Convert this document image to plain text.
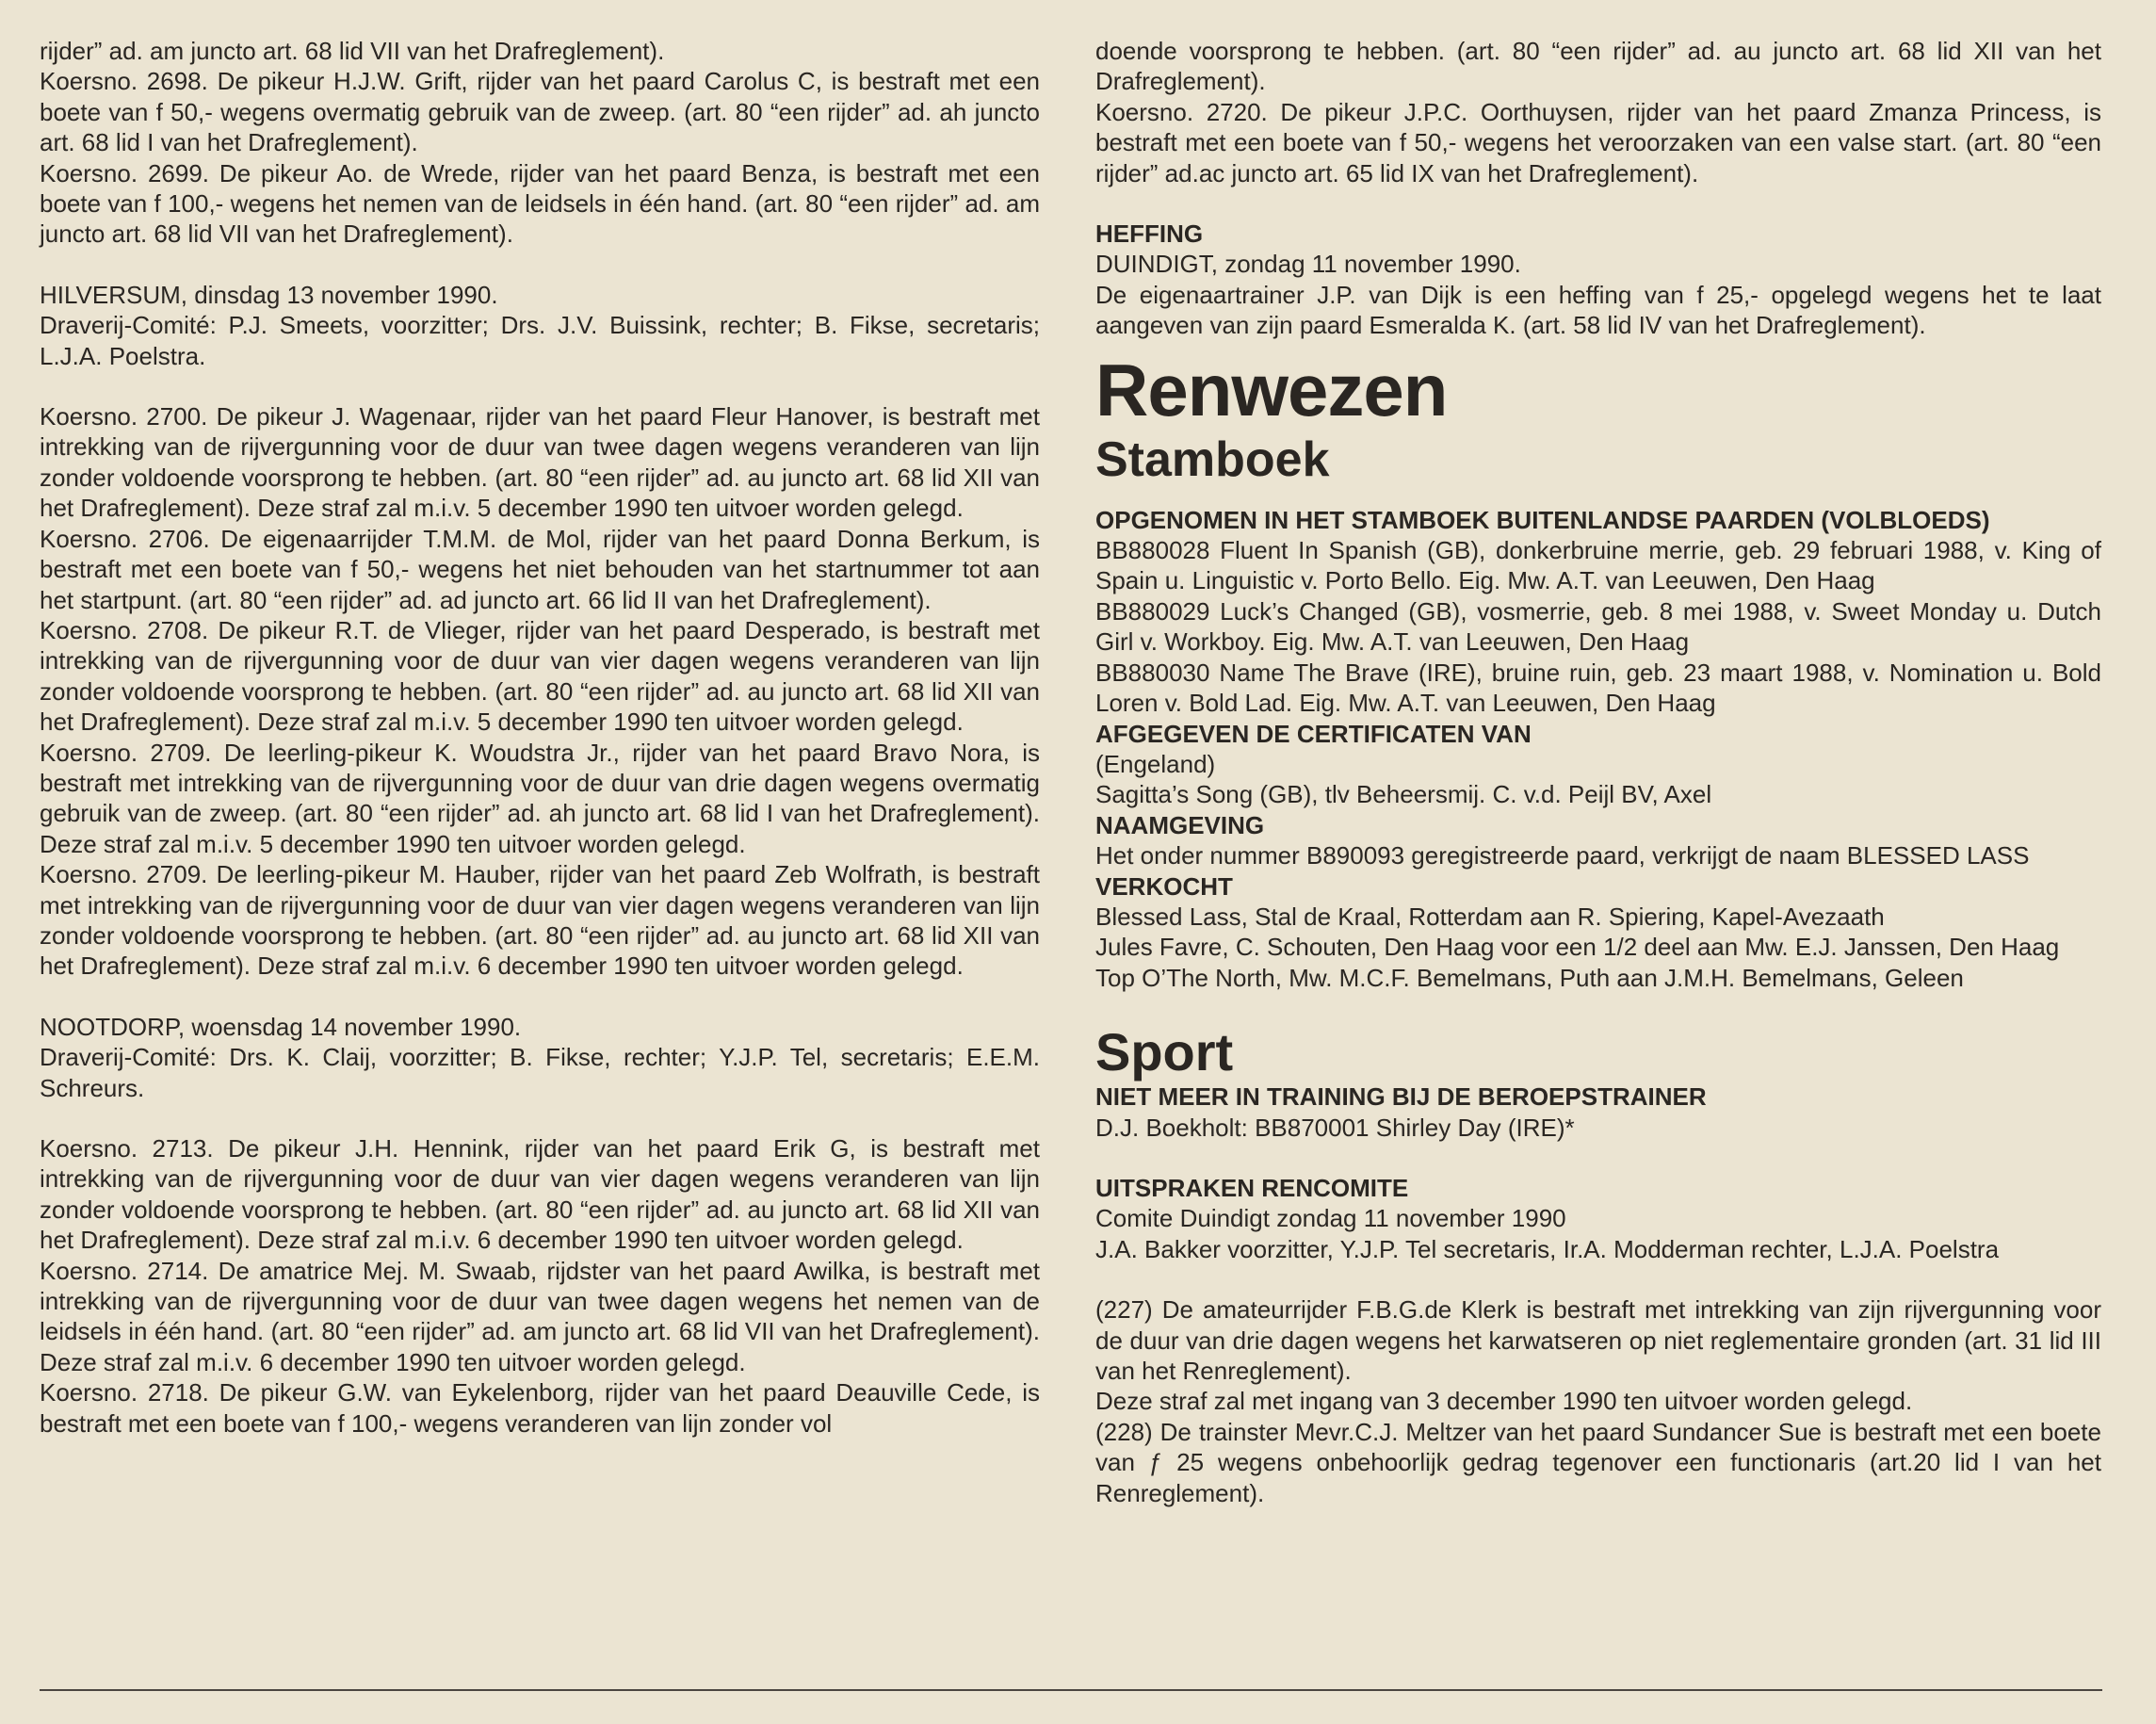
rijder” ad. am juncto art. 68 lid VII van het Drafreglement).

Koersno. 2698. De pikeur H.J.W. Grift, rijder van het paard Carolus C, is bestraft met een boete van f 50,- wegens overmatig gebruik van de zweep. (art. 80 “een rijder” ad. ah juncto art. 68 lid I van het Drafreglement).

Koersno. 2699. De pikeur Ao. de Wrede, rijder van het paard Benza, is bestraft met een boete van f 100,- wegens het nemen van de leidsels in één hand. (art. 80 “een rijder” ad. am juncto art. 68 lid VII van het Drafreglement).

HILVERSUM, dinsdag 13 november 1990.

Draverij-Comité: P.J. Smeets, voorzitter; Drs. J.V. Buissink, rechter; B. Fikse, secretaris; L.J.A. Poelstra.

Koersno. 2700. De pikeur J. Wagenaar, rijder van het paard Fleur Hanover, is bestraft met intrekking van de rijvergunning voor de duur van twee dagen wegens veranderen van lijn zonder voldoende voorsprong te hebben. (art. 80 “een rijder” ad. au juncto art. 68 lid XII van het Drafreglement). Deze straf zal m.i.v. 5 december 1990 ten uitvoer worden gelegd.

Koersno. 2706. De eigenaarrijder T.M.M. de Mol, rijder van het paard Donna Berkum, is bestraft met een boete van f 50,- wegens het niet behouden van het startnummer tot aan het startpunt. (art. 80 “een rijder” ad. ad juncto art. 66 lid II van het Drafreglement).

Koersno. 2708. De pikeur R.T. de Vlieger, rijder van het paard Desperado, is bestraft met intrekking van de rijvergunning voor de duur van vier dagen wegens veranderen van lijn zonder voldoende voorsprong te hebben. (art. 80 “een rijder” ad. au juncto art. 68 lid XII van het Drafreglement). Deze straf zal m.i.v. 5 december 1990 ten uitvoer worden gelegd.

Koersno. 2709. De leerling-pikeur K. Woudstra Jr., rijder van het paard Bravo Nora, is bestraft met intrekking van de rijvergunning voor de duur van drie dagen wegens overmatig gebruik van de zweep. (art. 80 “een rijder” ad. ah juncto art. 68 lid I van het Drafreglement). Deze straf zal m.i.v. 5 december 1990 ten uitvoer worden gelegd.

Koersno. 2709. De leerling-pikeur M. Hauber, rijder van het paard Zeb Wolfrath, is bestraft met intrekking van de rijvergunning voor de duur van vier dagen wegens veranderen van lijn zonder voldoende voorsprong te hebben. (art. 80 “een rijder” ad. au juncto art. 68 lid XII van het Drafreglement). Deze straf zal m.i.v. 6 december 1990 ten uitvoer worden gelegd.

NOOTDORP, woensdag 14 november 1990.

Draverij-Comité: Drs. K. Claij, voorzitter; B. Fikse, rechter; Y.J.P. Tel, secretaris; E.E.M. Schreurs.

Koersno. 2713. De pikeur J.H. Hennink, rijder van het paard Erik G, is bestraft met intrekking van de rijvergunning voor de duur van vier dagen wegens veranderen van lijn zonder voldoende voorsprong te hebben. (art. 80 “een rijder” ad. au juncto art. 68 lid XII van het Drafreglement). Deze straf zal m.i.v. 6 december 1990 ten uitvoer worden gelegd.

Koersno. 2714. De amatrice Mej. M. Swaab, rijdster van het paard Awilka, is bestraft met intrekking van de rijvergunning voor de duur van twee dagen wegens het nemen van de leidsels in één hand. (art. 80 “een rijder” ad. am juncto art. 68 lid VII van het Drafreglement). Deze straf zal m.i.v. 6 december 1990 ten uitvoer worden gelegd.

Koersno. 2718. De pikeur G.W. van Eykelenborg, rijder van het paard Deauville Cede, is bestraft met een boete van f 100,- wegens veranderen van lijn zonder vol

doende voorsprong te hebben. (art. 80 “een rijder” ad. au juncto art. 68 lid XII van het Drafreglement).

Koersno. 2720. De pikeur J.P.C. Oorthuysen, rijder van het paard Zmanza Princess, is bestraft met een boete van f 50,- wegens het veroorzaken van een valse start. (art. 80 “een rijder” ad.ac juncto art. 65 lid IX van het Drafreglement).

HEFFING

DUINDIGT, zondag 11 november 1990.

De eigenaartrainer J.P. van Dijk is een heffing van f 25,- opgelegd wegens het te laat aangeven van zijn paard Esmeralda K. (art. 58 lid IV van het Drafreglement).

Renwezen
Stamboek

OPGENOMEN IN HET STAMBOEK BUITENLANDSE PAARDEN (VOLBLOEDS)

BB880028 Fluent In Spanish (GB), donkerbruine merrie, geb. 29 februari 1988, v. King of Spain u. Linguistic v. Porto Bello. Eig. Mw. A.T. van Leeuwen, Den Haag

BB880029 Luck’s Changed (GB), vosmerrie, geb. 8 mei 1988, v. Sweet Monday u. Dutch Girl v. Workboy. Eig. Mw. A.T. van Leeuwen, Den Haag

BB880030 Name The Brave (IRE), bruine ruin, geb. 23 maart 1988, v. Nomination u. Bold Loren v. Bold Lad. Eig. Mw. A.T. van Leeuwen, Den Haag

AFGEGEVEN DE CERTIFICATEN VAN

(Engeland)

Sagitta’s Song (GB), tlv Beheersmij. C. v.d. Peijl BV, Axel

NAAMGEVING

Het onder nummer B890093 geregistreerde paard, verkrijgt de naam BLESSED LASS

VERKOCHT

Blessed Lass, Stal de Kraal, Rotterdam aan R. Spiering, Kapel-Avezaath

Jules Favre, C. Schouten, Den Haag voor een 1/2 deel aan Mw. E.J. Janssen, Den Haag

Top O’The North, Mw. M.C.F. Bemelmans, Puth aan J.M.H. Bemelmans, Geleen

Sport

NIET MEER IN TRAINING BIJ DE BEROEPSTRAINER

D.J. Boekholt: BB870001 Shirley Day (IRE)*

UITSPRAKEN RENCOMITE

Comite Duindigt zondag 11 november 1990

J.A. Bakker voorzitter, Y.J.P. Tel secretaris, Ir.A. Modderman rechter, L.J.A. Poelstra

(227) De amateurrijder F.B.G.de Klerk is bestraft met intrekking van zijn rijvergunning voor de duur van drie dagen wegens het karwatseren op niet reglementaire gronden (art. 31 lid III van het Renreglement).

Deze straf zal met ingang van 3 december 1990 ten uitvoer worden gelegd.

(228) De trainster Mevr.C.J. Meltzer van het paard Sundancer Sue is bestraft met een boete van ƒ 25 wegens onbehoorlijk gedrag tegenover een functionaris (art.20 lid I van het Renreglement).
